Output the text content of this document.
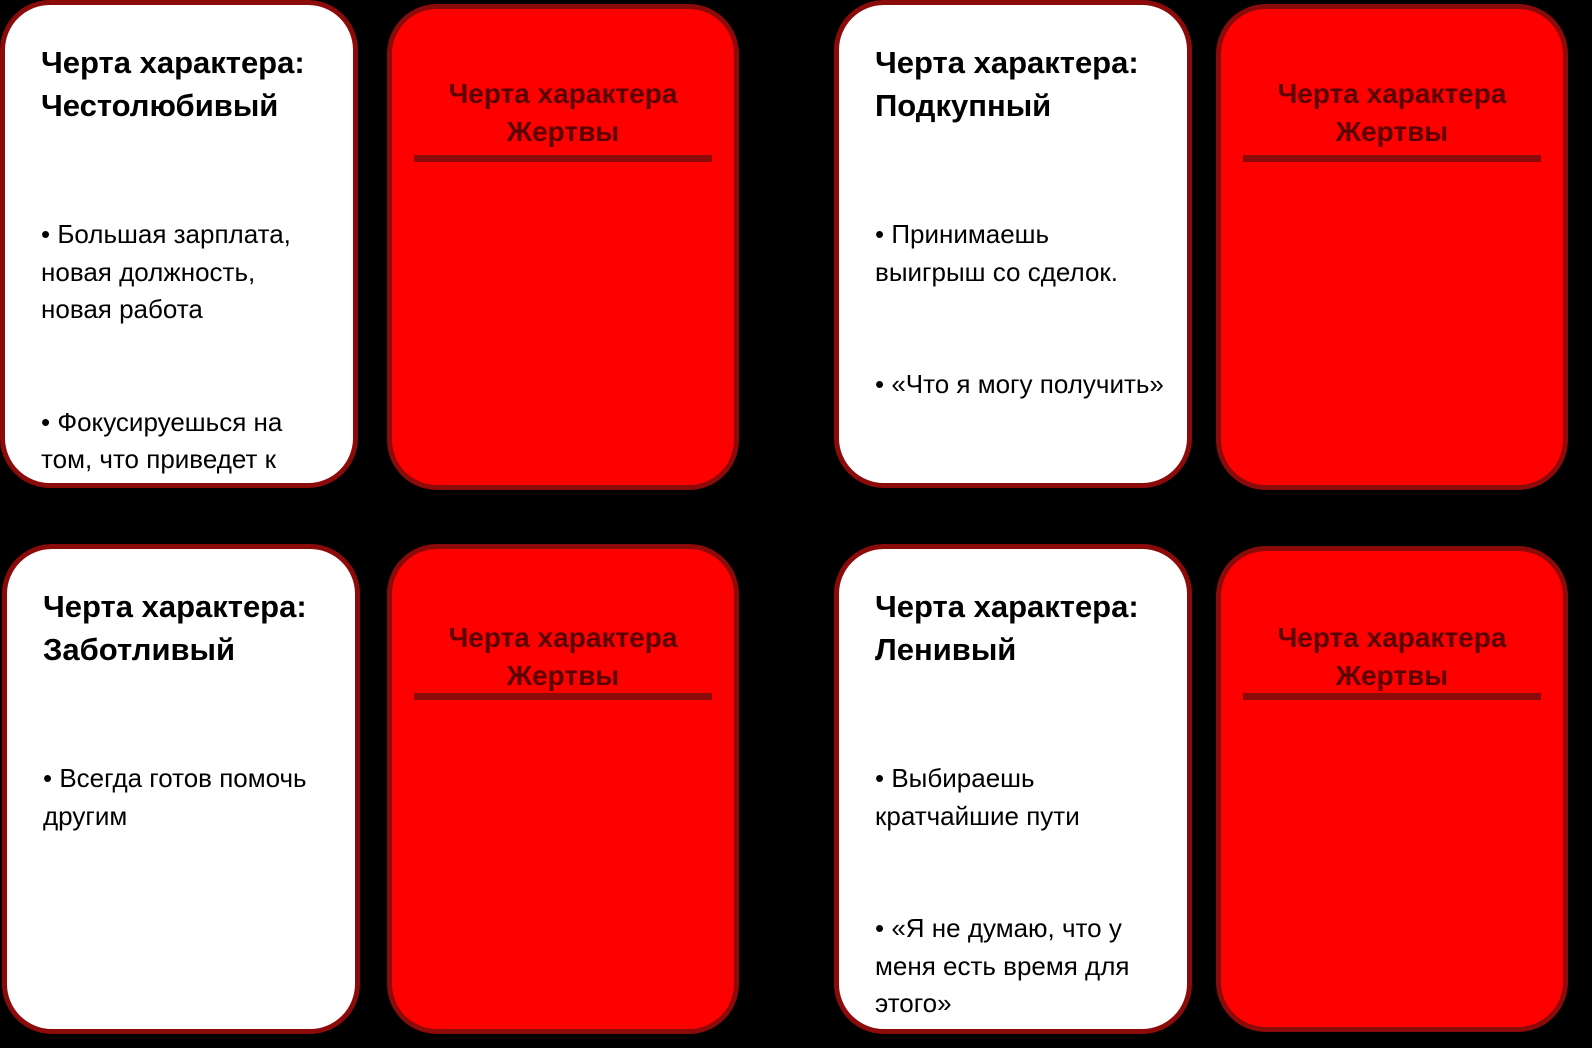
Черта характера:
Честолюбивый

• Большая зарплата, новая должность, новая работа

• Фокусируешься на том, что приведет к

Черта характера
Жертвы
Черта характера:
Подкупный

• Принимаешь выигрыш со сделок.

• «Что я могу получить»

Черта характера
Жертвы
Черта характера:
Заботливый

• Всегда готов помочь другим

Черта характера
Жертвы
Черта характера:
Ленивый

• Выбираешь кратчайшие пути

• «Я не думаю, что у меня есть время для этого»

Черта характера
Жертвы
